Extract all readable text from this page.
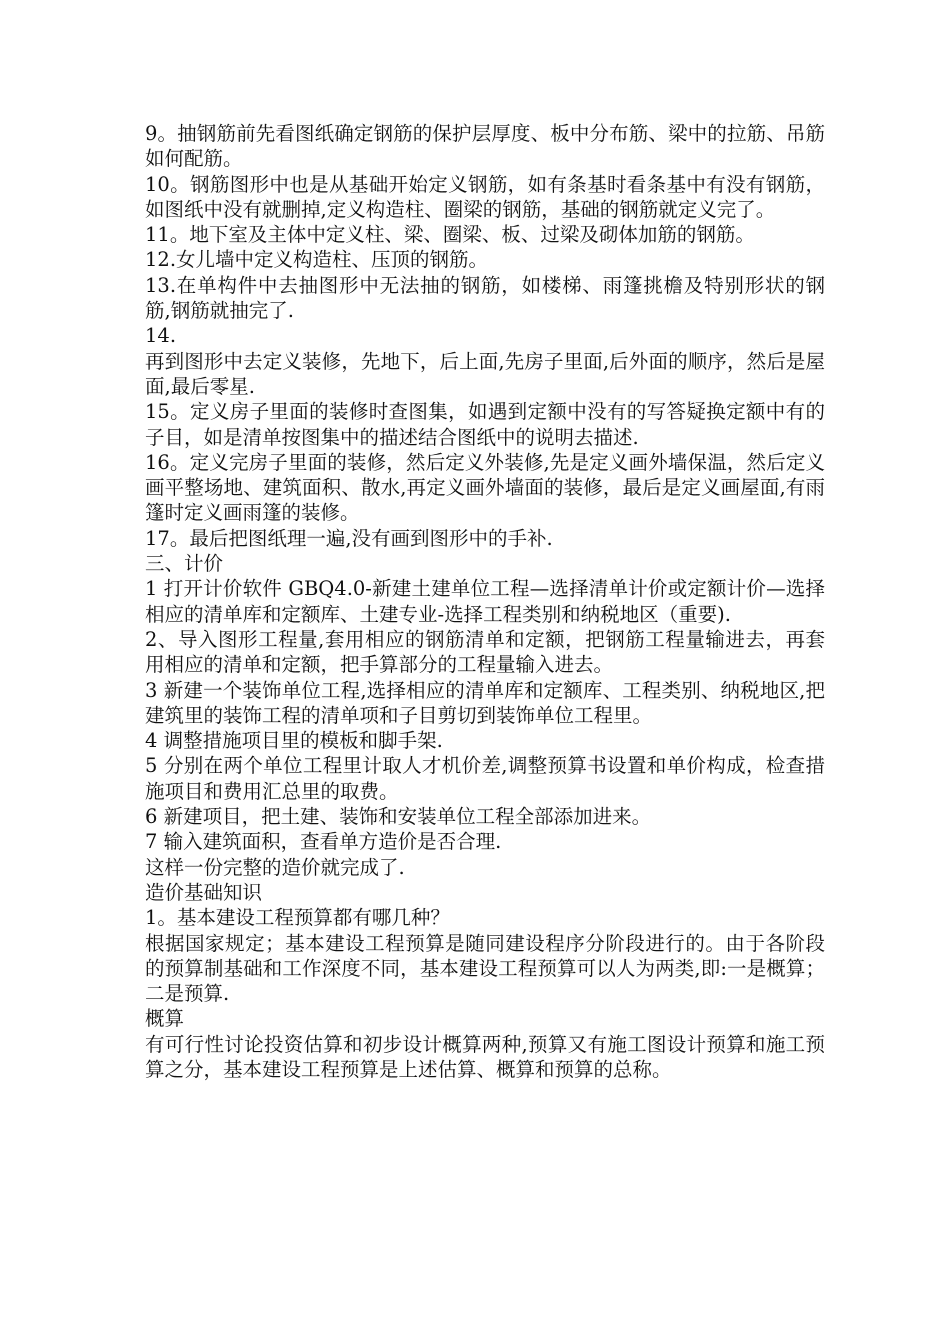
9。抽钢筋前先看图纸确定钢筋的保护层厚度、板中分布筋、梁中的拉筋、吊筋如何配筋。

10。钢筋图形中也是从基础开始定义钢筋，如有条基时看条基中有没有钢筋，如图纸中没有就删掉,定义构造柱、圈梁的钢筋，基础的钢筋就定义完了。

11。地下室及主体中定义柱、梁、圈梁、板、过梁及砌体加筋的钢筋。

12.女儿墙中定义构造柱、压顶的钢筋。

13.在单构件中去抽图形中无法抽的钢筋，如楼梯、雨篷挑檐及特别形状的钢筋,钢筋就抽完了.

14.

再到图形中去定义装修，先地下，后上面,先房子里面,后外面的顺序，然后是屋面,最后零星.

15。定义房子里面的装修时查图集，如遇到定额中没有的写答疑换定额中有的子目，如是清单按图集中的描述结合图纸中的说明去描述.

16。定义完房子里面的装修，然后定义外装修,先是定义画外墙保温，然后定义画平整场地、建筑面积、散水,再定义画外墙面的装修，最后是定义画屋面,有雨篷时定义画雨篷的装修。

17。最后把图纸理一遍,没有画到图形中的手补.

三、计价

1 打开计价软件 GBQ4.0-新建土建单位工程—选择清单计价或定额计价—选择相应的清单库和定额库、土建专业-选择工程类别和纳税地区（重要).

2、导入图形工程量,套用相应的钢筋清单和定额，把钢筋工程量输进去，再套用相应的清单和定额，把手算部分的工程量输入进去。

3 新建一个装饰单位工程,选择相应的清单库和定额库、工程类别、纳税地区,把建筑里的装饰工程的清单项和子目剪切到装饰单位工程里。

4 调整措施项目里的模板和脚手架.

5 分别在两个单位工程里计取人才机价差,调整预算书设置和单价构成，检查措施项目和费用汇总里的取费。

6 新建项目，把土建、装饰和安装单位工程全部添加进来。

7 输入建筑面积，查看单方造价是否合理.

这样一份完整的造价就完成了.

造价基础知识

1。基本建设工程预算都有哪几种？

根据国家规定；基本建设工程预算是随同建设程序分阶段进行的。由于各阶段的预算制基础和工作深度不同，基本建设工程预算可以人为两类,即:一是概算；二是预算.

概算

有可行性讨论投资估算和初步设计概算两种,预算又有施工图设计预算和施工预算之分，基本建设工程预算是上述估算、概算和预算的总称。
